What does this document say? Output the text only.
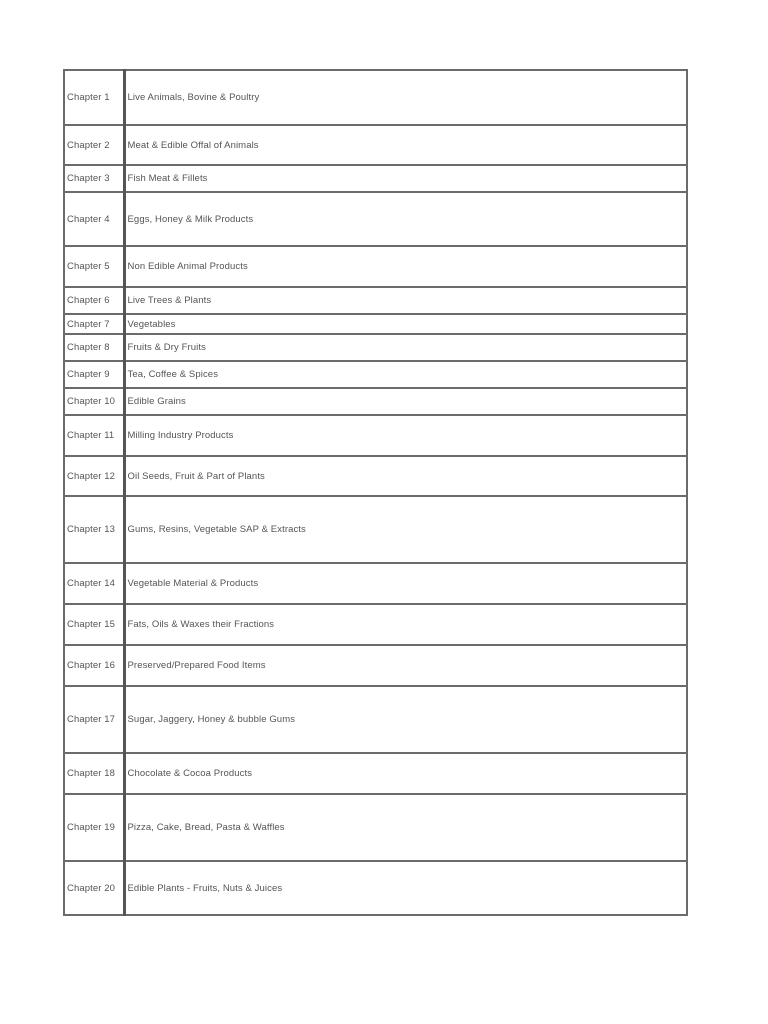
Chapter 1	Live Animals, Bovine & Poultry
Chapter 2	Meat & Edible Offal of Animals
Chapter 3	Fish Meat & Fillets
Chapter 4	Eggs, Honey & Milk Products
Chapter 5	Non Edible Animal Products
Chapter 6	Live Trees & Plants
Chapter 7	Vegetables
Chapter 8	Fruits & Dry Fruits
Chapter 9	Tea, Coffee & Spices
Chapter 10	Edible Grains
Chapter 11	Milling Industry Products
Chapter 12	Oil Seeds, Fruit & Part of Plants
Chapter 13	Gums, Resins, Vegetable SAP & Extracts
Chapter 14	Vegetable Material & Products
Chapter 15	Fats, Oils & Waxes their Fractions
Chapter 16	Preserved/Prepared Food Items
Chapter 17	Sugar, Jaggery, Honey & bubble Gums
Chapter 18	Chocolate & Cocoa Products
Chapter 19	Pizza, Cake, Bread, Pasta & Waffles
Chapter 20	Edible Plants - Fruits, Nuts & Juices
